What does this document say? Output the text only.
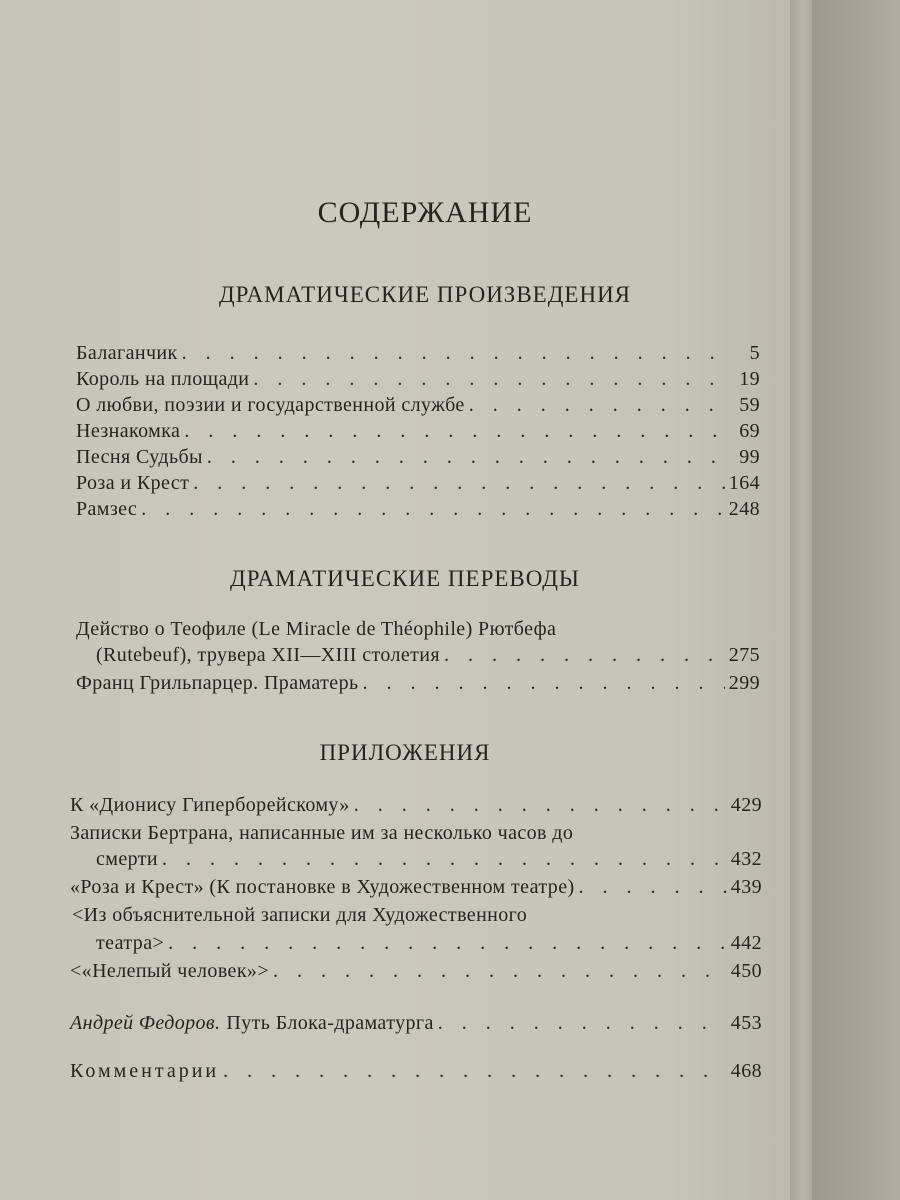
СОДЕРЖАНИЕ
ДРАМАТИЧЕСКИЕ ПРОИЗВЕДЕНИЯ
Балаганчик . . .	5
Король на площади . . .	19
О любви, поэзии и государственной службе . . .	59
Незнакомка . . .	69
Песня Судьбы . . .	99
Роза и Крест . . .	164
Рамзес . . .	248
ДРАМАТИЧЕСКИЕ ПЕРЕВОДЫ
Действо о Теофиле (Le Miracle de Théophile) Рютбефа
(Rutebeuf), трувера XII—XIII столетия . . .	275
Франц Грильпарцер. Праматерь . . .	299
ПРИЛОЖЕНИЯ
К «Дионису Гиперборейскому» . . .	429
Записки Бертрана, написанные им за несколько часов до
смерти . . .	432
«Роза и Крест» (К постановке в Художественном театре) . . .	439
<Из объяснительной записки для Художественного
театра> . . .	442
<«Нелепый человек»> . . .	450
Андрей Федоров. Путь Блока-драматурга . . .	453
Комментарии . . .	468
